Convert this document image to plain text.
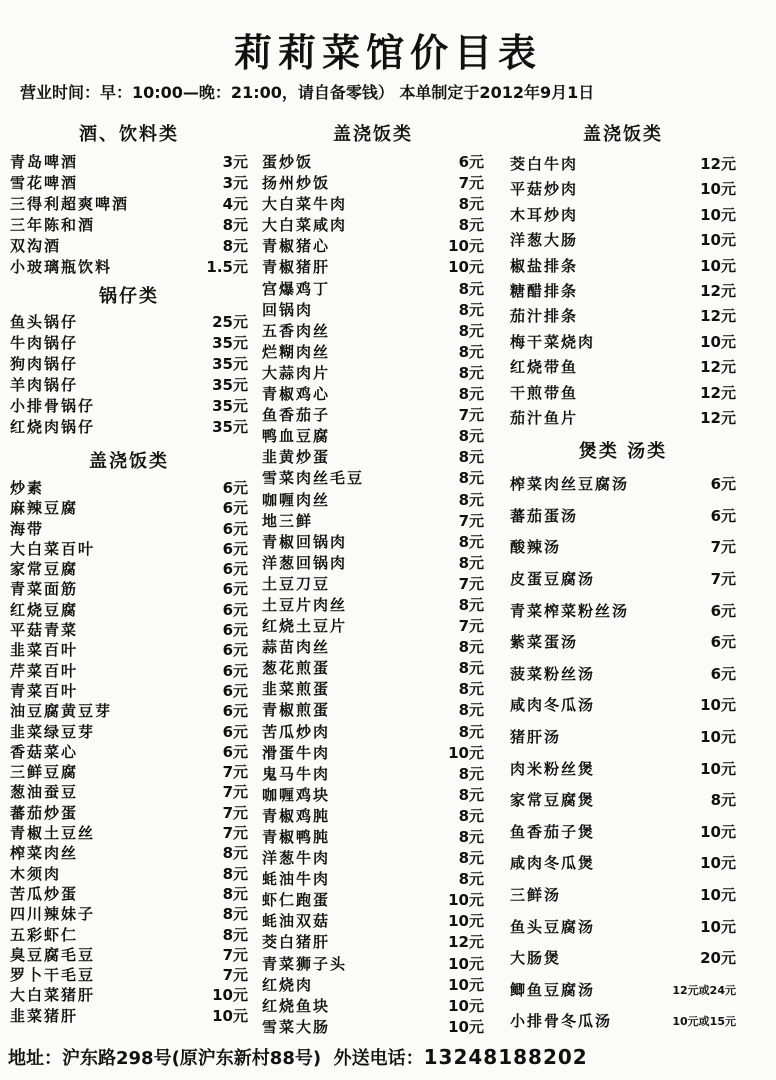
莉莉菜馆价目表
营业时间：早：10:00—晚：21:00，请自备零钱） 本单制定于2012年9月1日
酒、饮料类
青岛啤酒	3元
雪花啤酒	3元
三得利超爽啤酒	4元
三年陈和酒	8元
双沟酒	8元
小玻璃瓶饮料	1.5元
锅仔类
鱼头锅仔	25元
牛肉锅仔	35元
狗肉锅仔	35元
羊肉锅仔	35元
小排骨锅仔	35元
红烧肉锅仔	35元
盖浇饭类
炒素	6元
麻辣豆腐	6元
海带	6元
大白菜百叶	6元
家常豆腐	6元
青菜面筋	6元
红烧豆腐	6元
平菇青菜	6元
韭菜百叶	6元
芹菜百叶	6元
青菜百叶	6元
油豆腐黄豆芽	6元
韭菜绿豆芽	6元
香菇菜心	6元
三鲜豆腐	7元
葱油蚕豆	7元
蕃茄炒蛋	7元
青椒土豆丝	7元
榨菜肉丝	8元
木须肉	8元
苦瓜炒蛋	8元
四川辣妹子	8元
五彩虾仁	8元
臭豆腐毛豆	7元
罗卜干毛豆	7元
大白菜猪肝	10元
韭菜猪肝	10元
盖浇饭类
蛋炒饭	6元
扬州炒饭	7元
大白菜牛肉	8元
大白菜咸肉	8元
青椒猪心	10元
青椒猪肝	10元
宫爆鸡丁	8元
回锅肉	8元
五香肉丝	8元
烂糊肉丝	8元
大蒜肉片	8元
青椒鸡心	8元
鱼香茄子	7元
鸭血豆腐	8元
韭黄炒蛋	8元
雪菜肉丝毛豆	8元
咖喱肉丝	8元
地三鲜	7元
青椒回锅肉	8元
洋葱回锅肉	8元
土豆刀豆	7元
土豆片肉丝	8元
红烧土豆片	7元
蒜苗肉丝	8元
葱花煎蛋	8元
韭菜煎蛋	8元
青椒煎蛋	8元
苦瓜炒肉	8元
滑蛋牛肉	10元
鬼马牛肉	8元
咖喱鸡块	8元
青椒鸡肫	8元
青椒鸭肫	8元
洋葱牛肉	8元
蚝油牛肉	8元
虾仁跑蛋	10元
蚝油双菇	10元
茭白猪肝	12元
青菜狮子头	10元
红烧肉	10元
红烧鱼块	10元
雪菜大肠	10元
盖浇饭类
茭白牛肉	12元
平菇炒肉	10元
木耳炒肉	10元
洋葱大肠	10元
椒盐排条	10元
糖醋排条	12元
茄汁排条	12元
梅干菜烧肉	10元
红烧带鱼	12元
干煎带鱼	12元
茄汁鱼片	12元
煲类 汤类
榨菜肉丝豆腐汤	6元
蕃茄蛋汤	6元
酸辣汤	7元
皮蛋豆腐汤	7元
青菜榨菜粉丝汤	6元
紫菜蛋汤	6元
菠菜粉丝汤	6元
咸肉冬瓜汤	10元
猪肝汤	10元
肉米粉丝煲	10元
家常豆腐煲	8元
鱼香茄子煲	10元
咸肉冬瓜煲	10元
三鲜汤	10元
鱼头豆腐汤	10元
大肠煲	20元
鲫鱼豆腐汤	12元或24元
小排骨冬瓜汤	10元或15元
地址：沪东路298号(原沪东新村88号) 外送电话：13248188202
